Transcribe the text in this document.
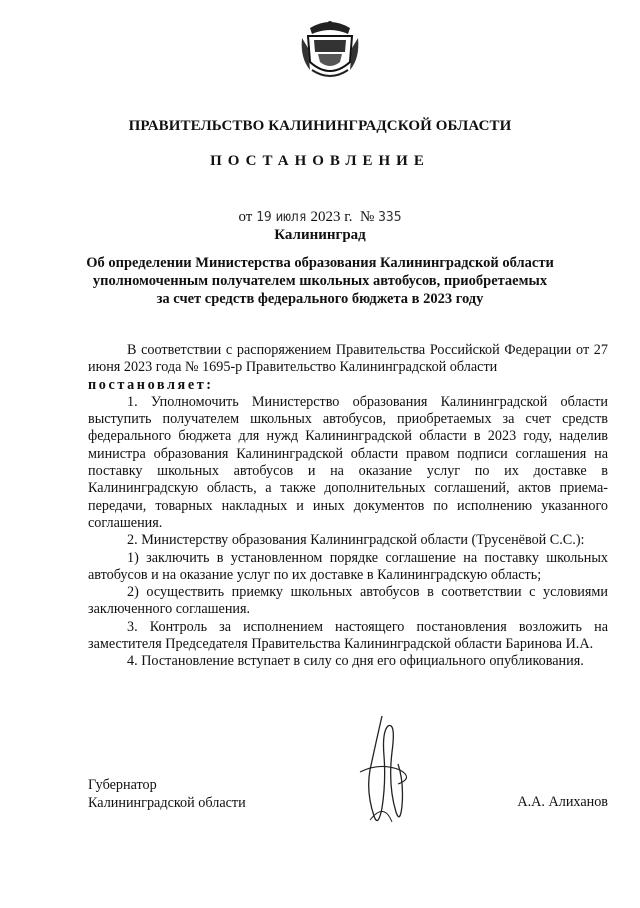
ПРАВИТЕЛЬСТВО КАЛИНИНГРАДСКОЙ ОБЛАСТИ
ПОСТАНОВЛЕНИЕ
от 19 июля 2023 г. № 335
Калининград
Об определении Министерства образования Калининградской области
уполномоченным получателем школьных автобусов, приобретаемых
за счет средств федерального бюджета в 2023 году

В соответствии с распоряжением Правительства Российской Федерации от 27 июня 2023 года № 1695-р Правительство Калининградской области

постановляет:

1. Уполномочить Министерство образования Калининградской области выступить получателем школьных автобусов, приобретаемых за счет средств федерального бюджета для нужд Калининградской области в 2023 году, наделив министра образования Калининградской области правом подписи соглашения на поставку школьных автобусов и на оказание услуг по их доставке в Калининградскую область, а также дополнительных соглашений, актов приема-передачи, товарных накладных и иных документов по исполнению указанного соглашения.

2. Министерству образования Калининградской области (Трусенёвой С.С.):

1) заключить в установленном порядке соглашение на поставку школьных автобусов и на оказание услуг по их доставке в Калининградскую область;

2) осуществить приемку школьных автобусов в соответствии с условиями заключенного соглашения.

3. Контроль за исполнением настоящего постановления возложить на заместителя Председателя Правительства Калининградской области Баринова И.А.

4. Постановление вступает в силу со дня его официального опубликования.

Губернатор
Калининградской области	А.А. Алиханов
